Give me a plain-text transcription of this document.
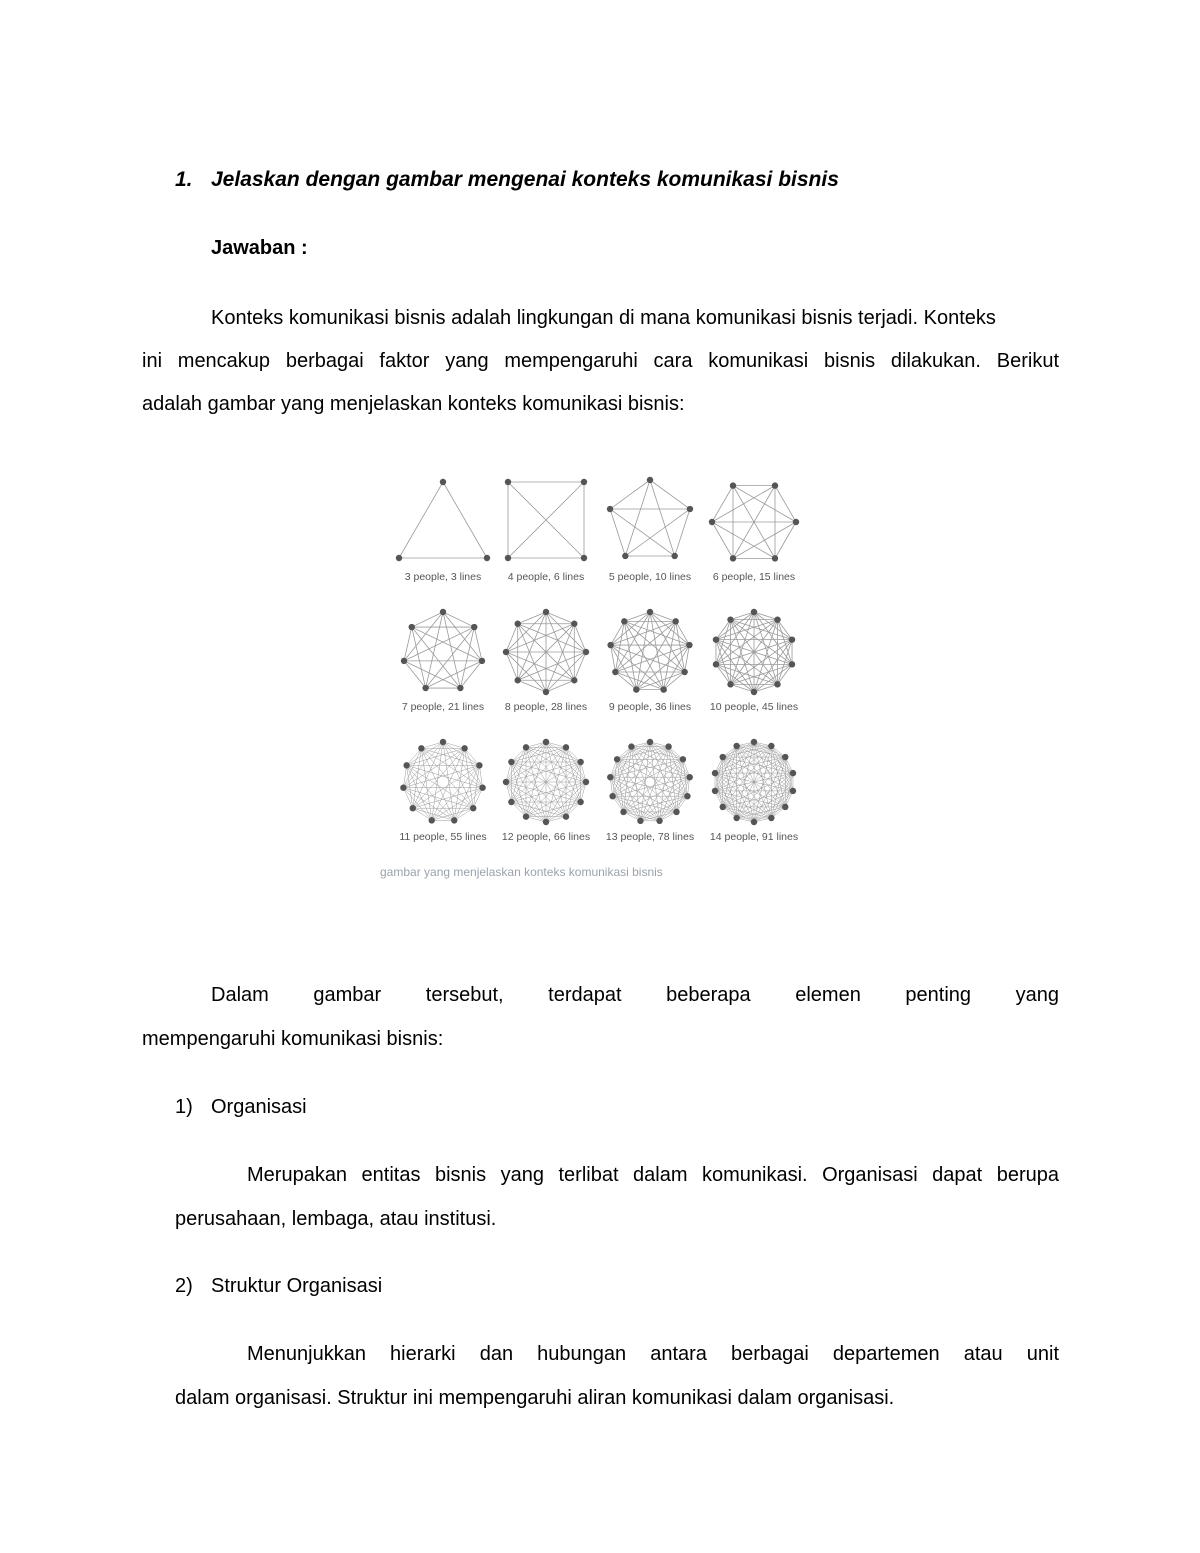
1. Jelaskan dengan gambar mengenai konteks komunikasi bisnis
Jawaban :
Konteks komunikasi bisnis adalah lingkungan di mana komunikasi bisnis terjadi. Konteks
ini mencakup berbagai faktor yang mempengaruhi cara komunikasi bisnis dilakukan. Berikut
adalah gambar yang menjelaskan konteks komunikasi bisnis:
3 people, 3 lines	4 people, 6 lines 5 people, 10 lines 6 people, 15 lines
7 people, 21 lines 8 people, 28 lines 9 people, 36 lines 10 people, 45 lines
11 people, 55 lines 12 people, 66 lines 13 people, 78 lines 14 people, 91 lines
gambar yang menjelaskan konteks komunikasi bisnis
Dalam gambar tersebut, terdapat beberapa elemen penting yang
mempengaruhi komunikasi bisnis:
1) Organisasi
Merupakan entitas bisnis yang terlibat dalam komunikasi. Organisasi dapat berupa
perusahaan, lembaga, atau institusi.
2) Struktur Organisasi
Menunjukkan hierarki dan hubungan antara berbagai departemen atau unit
dalam organisasi. Struktur ini mempengaruhi aliran komunikasi dalam organisasi.
